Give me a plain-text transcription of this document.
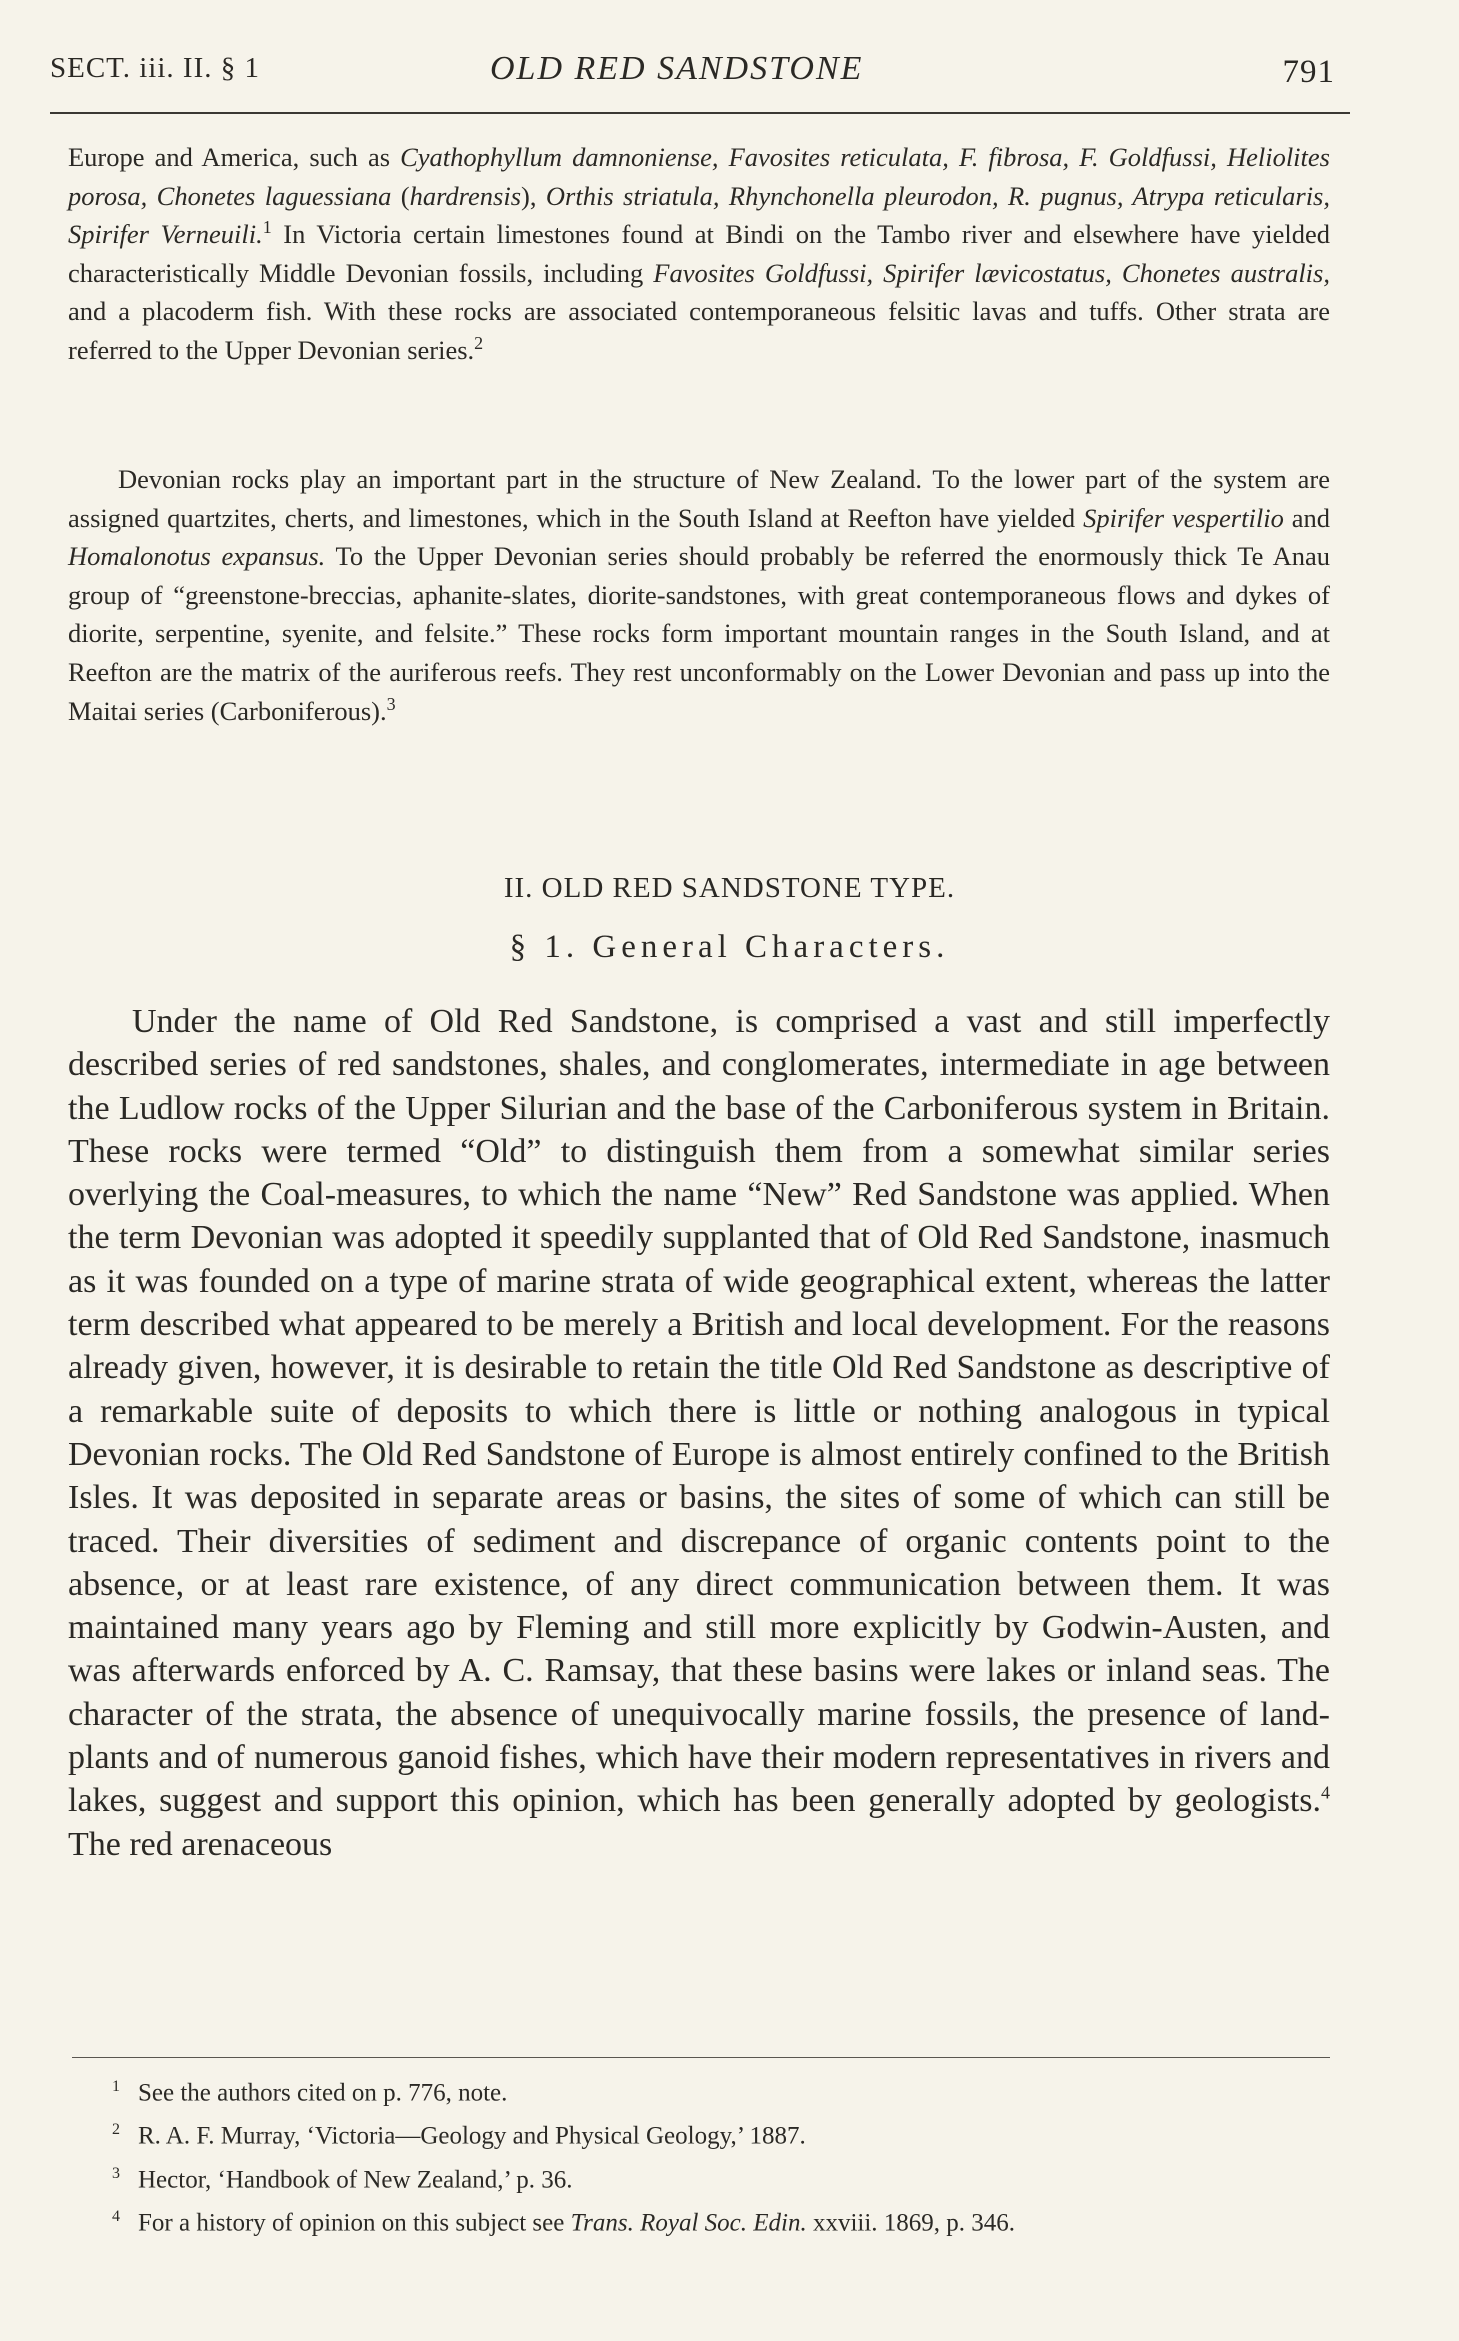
SECT. iii. II. § 1	OLD RED SANDSTONE	791

Europe and America, such as Cyathophyllum damnoniense, Favosites reticulata, F. fibrosa, F. Goldfussi, Heliolites porosa, Chonetes laguessiana (hardrensis), Orthis striatula, Rhynchonella pleurodon, R. pugnus, Atrypa reticularis, Spirifer Verneuili.$^1$ In Victoria certain limestones found at Bindi on the Tambo river and elsewhere have yielded characteristically Middle Devonian fossils, including Favosites Goldfussi, Spirifer lævicostatus, Chonetes australis, and a placoderm fish. With these rocks are associated contemporaneous felsitic lavas and tuffs. Other strata are referred to the Upper Devonian series.$^2$

Devonian rocks play an important part in the structure of New Zealand. To the lower part of the system are assigned quartzites, cherts, and limestones, which in the South Island at Reefton have yielded Spirifer vespertilio and Homalonotus expansus. To the Upper Devonian series should probably be referred the enormously thick Te Anau group of “greenstone-breccias, aphanite-slates, diorite-sandstones, with great contemporaneous flows and dykes of diorite, serpentine, syenite, and felsite.” These rocks form important mountain ranges in the South Island, and at Reefton are the matrix of the auriferous reefs. They rest unconformably on the Lower Devonian and pass up into the Maitai series (Carboniferous).$^3$

II. OLD RED SANDSTONE TYPE.
§ 1. General Characters.

Under the name of Old Red Sandstone, is comprised a vast and still imperfectly described series of red sandstones, shales, and conglomerates, intermediate in age between the Ludlow rocks of the Upper Silurian and the base of the Carboniferous system in Britain. These rocks were termed “Old” to distinguish them from a somewhat similar series overlying the Coal-measures, to which the name “New” Red Sandstone was applied. When the term Devonian was adopted it speedily supplanted that of Old Red Sandstone, inasmuch as it was founded on a type of marine strata of wide geographical extent, whereas the latter term described what appeared to be merely a British and local development. For the reasons already given, however, it is desirable to retain the title Old Red Sandstone as descriptive of a remarkable suite of deposits to which there is little or nothing analogous in typical Devonian rocks. The Old Red Sandstone of Europe is almost entirely confined to the British Isles. It was deposited in separate areas or basins, the sites of some of which can still be traced. Their diversities of sediment and discrepance of organic contents point to the absence, or at least rare existence, of any direct communication between them. It was maintained many years ago by Fleming and still more explicitly by Godwin-Austen, and was afterwards enforced by A. C. Ramsay, that these basins were lakes or inland seas. The character of the strata, the absence of unequivocally marine fossils, the presence of land-plants and of numerous ganoid fishes, which have their modern representatives in rivers and lakes, suggest and support this opinion, which has been generally adopted by geologists.$^4$ The red arenaceous

$^1$ See the authors cited on p. 776, note.
$^2$ R. A. F. Murray, ‘Victoria—Geology and Physical Geology,’ 1887.
$^3$ Hector, ‘Handbook of New Zealand,’ p. 36.
$^4$ For a history of opinion on this subject see Trans. Royal Soc. Edin. xxviii. 1869, p. 346.
